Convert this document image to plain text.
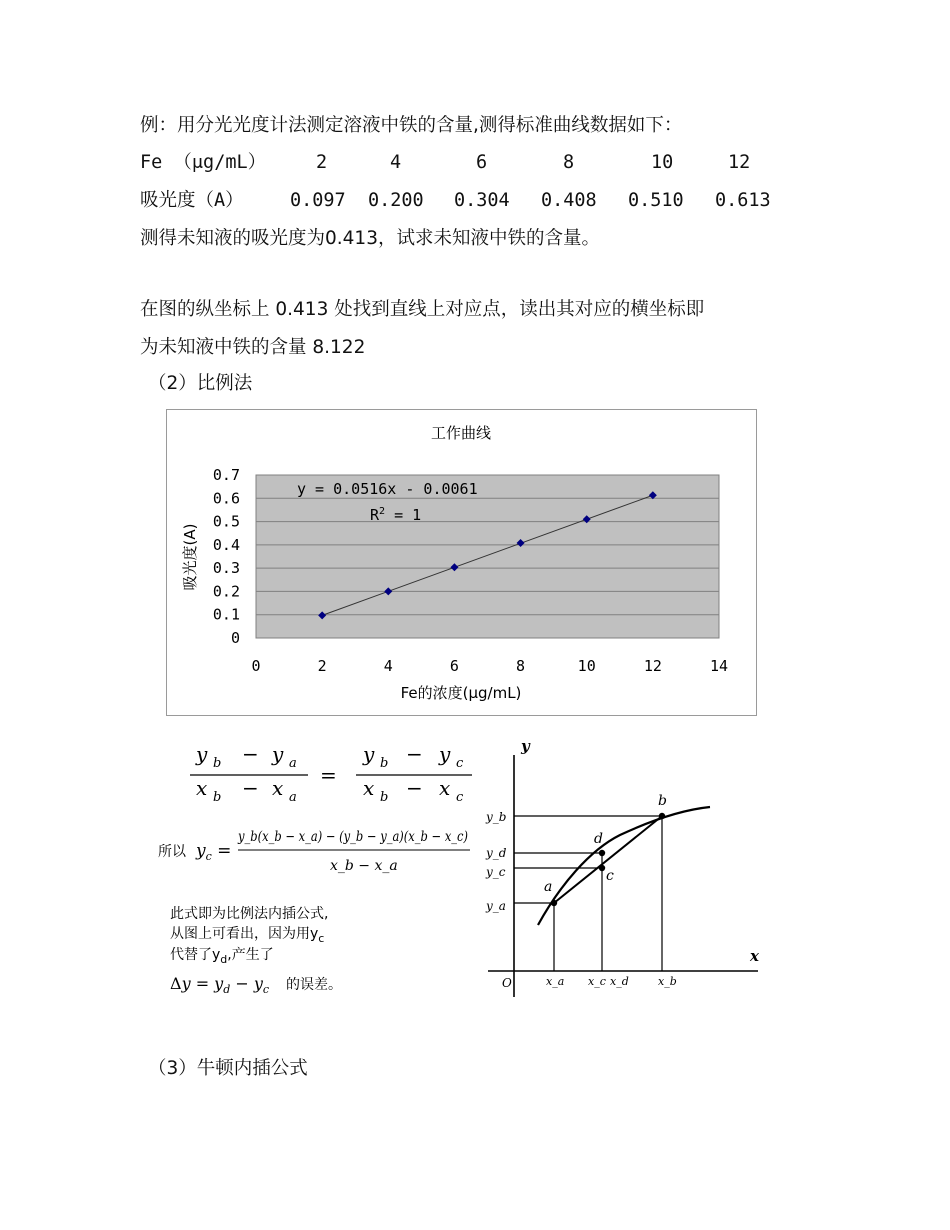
例：用分光光度计法测定溶液中铁的含量,测得标准曲线数据如下：
Fe （μg/mL）	2	4	6	8	10	12
吸光度（A）	0.097 0.200 0.304 0.408 0.510 0.613
测得未知液的吸光度为0.413，试求未知液中铁的含量。
在图的纵坐标上 0.413 处找到直线上对应点，读出其对应的横坐标即
为未知液中铁的含量 8.122
（2）比例法
工作曲线
0
0.1
0.2
0.3
0.4
0.5
0.6
0.7
0	2	4	6	8	10	12	14
y = 0.0516x - 0.0061
$R^2 = 1$
Fe的浓度(μg/mL)
吸光度(A)
y b − y a
x b − x a
=
y b − y c
x b − x c
所以 $y_c$ =
y_b(x_b − x_a) − (y_b − y_a)(x_b − x_c)
x_b − x_a
此式即为比例法内插公式,
从图上可看出，因为用$y_c$
代替了$y_d$,产生了
$\Delta y = y_d - y_c$ 的误差。
y
x
O
a
c
d
b
y_b
y_d
y_c
y_a
x_a x_c x_d	x_b
（3）牛顿内插公式
